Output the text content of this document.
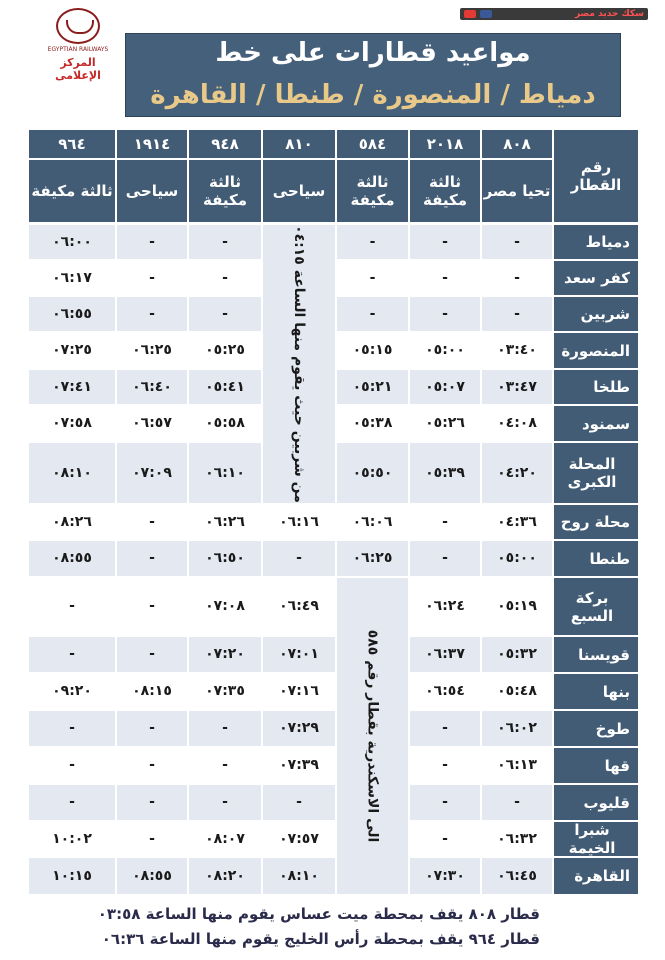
سكك حديد مصر
EGYPTIAN RAILWAYS
المركز الإعلامى
مواعيد قطارات على خط
دمياط / المنصورة / طنطا / القاهرة
رقم القطار
٨٠٨
تحيا مصر
٢٠١٨
ثالثة مكيفة
٥٨٤
ثالثة مكيفة
٨١٠
سياحى
٩٤٨
ثالثة مكيفة
١٩١٤
سياحى
٩٦٤
ثالثة مكيفة
دمياط
-
-
-
-
-
٠٦:٠٠
كفر سعد
-
-
-
-
-
٠٦:١٧
شربين
-
-
-
-
-
٠٦:٥٥
المنصورة
٠٣:٤٠
٠٥:٠٠
٠٥:١٥
٠٥:٢٥
٠٦:٢٥
٠٧:٢٥
طلخا
٠٣:٤٧
٠٥:٠٧
٠٥:٢١
٠٥:٤١
٠٦:٤٠
٠٧:٤١
سمنود
٠٤:٠٨
٠٥:٢٦
٠٥:٣٨
٠٥:٥٨
٠٦:٥٧
٠٧:٥٨
المحلة الكبرى
٠٤:٢٠
٠٥:٣٩
٠٥:٥٠
٠٦:١٠
٠٧:٠٩
٠٨:١٠
محلة روح
٠٤:٣٦
-
٠٦:٠٦
٠٦:١٦
٠٦:٢٦
-
٠٨:٢٦
طنطا
٠٥:٠٠
-
٠٦:٢٥
-
٠٦:٥٠
-
٠٨:٥٥
بركة السبع
٠٥:١٩
٠٦:٢٤
٠٦:٤٩
٠٧:٠٨
-
-
قويسنا
٠٥:٣٢
٠٦:٣٧
٠٧:٠١
٠٧:٢٠
-
-
بنها
٠٥:٤٨
٠٦:٥٤
٠٧:١٦
٠٧:٣٥
٠٨:١٥
٠٩:٢٠
طوخ
٠٦:٠٢
-
٠٧:٢٩
-
-
-
قها
٠٦:١٣
-
٠٧:٣٩
-
-
-
قليوب
-
-
-
-
-
-
شبرا الخيمة
٠٦:٣٢
-
٠٧:٥٧
٠٨:٠٧
-
١٠:٠٢
القاهرة
٠٦:٤٥
٠٧:٣٠
٠٨:١٠
٠٨:٢٠
٠٨:٥٥
١٠:١٥
من شربين حيث يقوم منها الساعة ٠٤:١٥
الى الاسكندرية بقطار رقم ٥٨٥
قطار ٨٠٨ يقف بمحطة ميت عساس يقوم منها الساعة ٠٣:٥٨
قطار ٩٦٤ يقف بمحطة رأس الخليج يقوم منها الساعة ٠٦:٣٦
